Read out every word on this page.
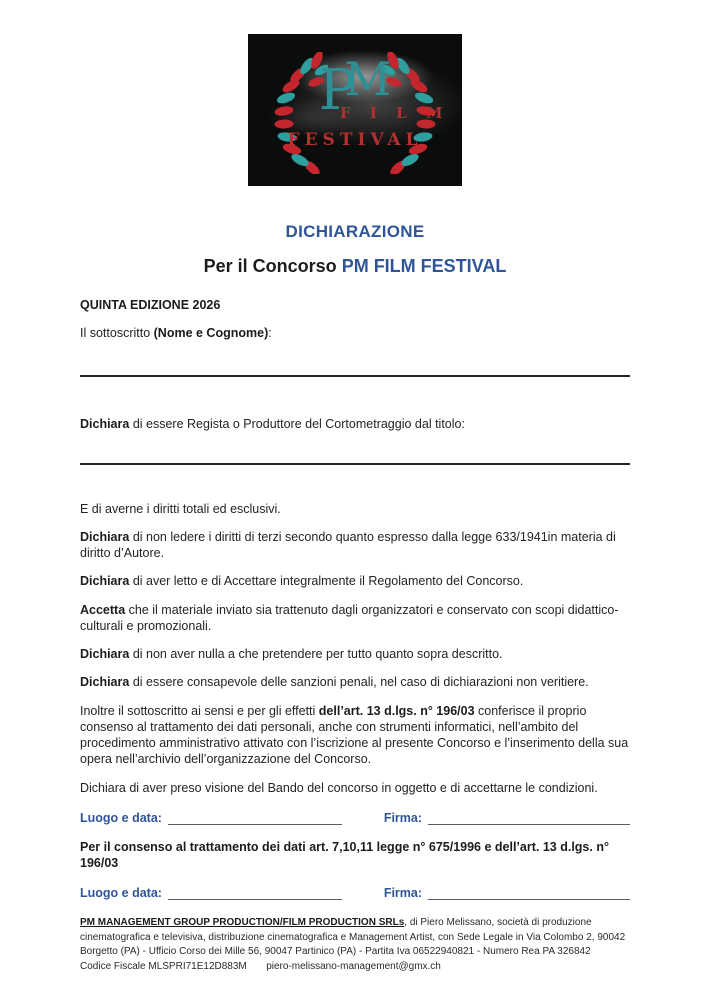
PM
F I L M
FESTIVAL
DICHIARAZIONE
Per il Concorso PM FILM FESTIVAL
QUINTA EDIZIONE 2026

Il sottoscritto (Nome e Cognome):

Dichiara di essere Regista o Produttore del Cortometraggio dal titolo:

E di averne i diritti totali ed esclusivi.

Dichiara di non ledere i diritti di terzi secondo quanto espresso dalla legge 633/1941in materia di diritto d’Autore.

Dichiara di aver letto e di Accettare integralmente il Regolamento del Concorso.

Accetta che il materiale inviato sia trattenuto dagli organizzatori e conservato con scopi didattico-culturali e promozionali.

Dichiara di non aver nulla a che pretendere per tutto quanto sopra descritto.

Dichiara di essere consapevole delle sanzioni penali, nel caso di dichiarazioni non veritiere.

Inoltre il sottoscritto ai sensi e per gli effetti dell’art. 13 d.lgs. n° 196/03 conferisce il proprio consenso al trattamento dei dati personali, anche con strumenti informatici, nell’ambito del procedimento amministrativo attivato con l’iscrizione al presente Concorso e l’inserimento della sua opera nell’archivio dell’organizzazione del Concorso.

Dichiara di aver preso visione del Bando del concorso in oggetto e di accettarne le condizioni.

Luogo e data:	Firma:

Per il consenso al trattamento dei dati art. 7,10,11 legge n° 675/1996 e dell’art. 13 d.lgs. n° 196/03

Luogo e data:	Firma:

PM MANAGEMENT GROUP PRODUCTION/FILM PRODUCTION SRLs, di Piero Melissano, società di produzione cinematografica e televisiva, distribuzione cinematografica e Management Artist, con Sede Legale in Via Colombo 2, 90042 Borgetto (PA) - Ufficio Corso dei Mille 56, 90047 Partinico (PA) - Partita Iva 06522940821 - Numero Rea PA 326842   Codice Fiscale MLSPRI71E12D883M       piero-melissano-management@gmx.ch
